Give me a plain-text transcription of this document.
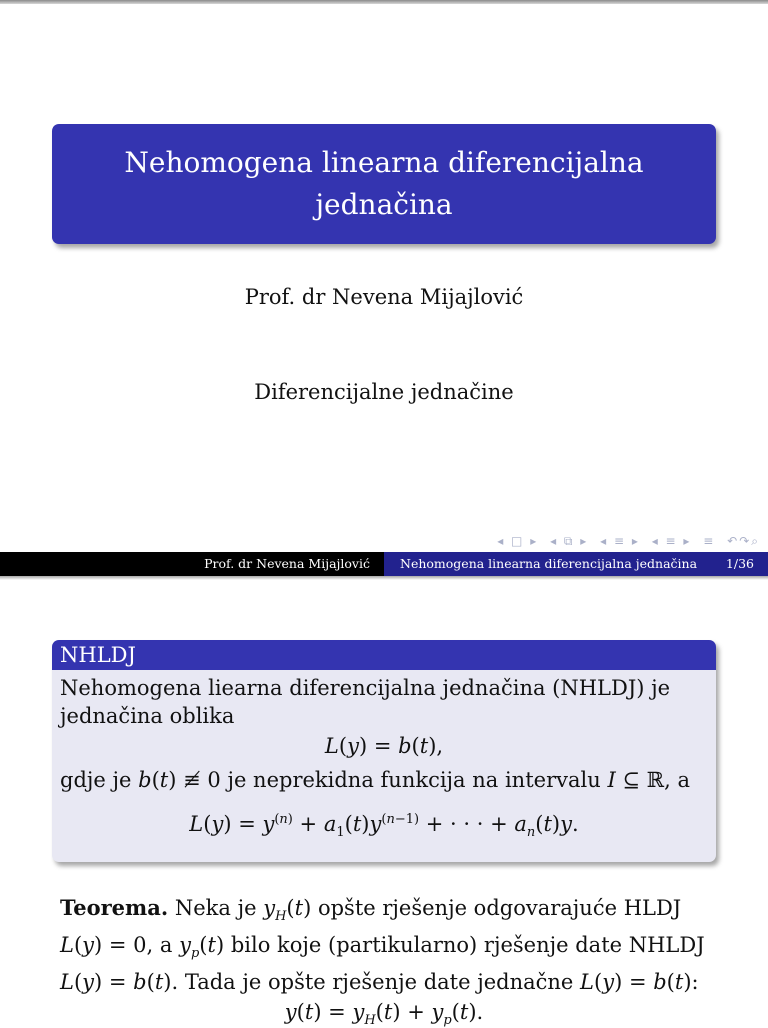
Nehomogena linearna diferencijalna
jednačina
Prof. dr Nevena Mijajlović
Diferencijalne jednačine
◂ □ ▸ ◂ ⧉ ▸ ◂ ≡ ▸ ◂ ≡ ▸ ≡ ↶↷⌕
Prof. dr Nevena Mijajlović	Nehomogena linearna diferencijalna jednačina 1/36
NHLDJ
Nehomogena liearna diferencijalna jednačina (NHLDJ) je
jednačina oblika
L(y) = b(t),
gdje je b(t) ≢ 0 je neprekidna funkcija na intervalu I ⊆ ℝ, a
$L(y) = y^{(n)} + a_1(t)y^{(n-1)}$ + · · · + $a_n(t)y$.
Teorema. Neka je $y_H(t)$ opšte rješenje odgovarajuće HLDJ
L(y) = 0, a $y_p(t)$ bilo koje (partikularno) rješenje date NHLDJ
L(y) = b(t). Tada je opšte rješenje date jednačne L(y) = b(t):
$y(t) = y_H(t) + y_p(t)$.
